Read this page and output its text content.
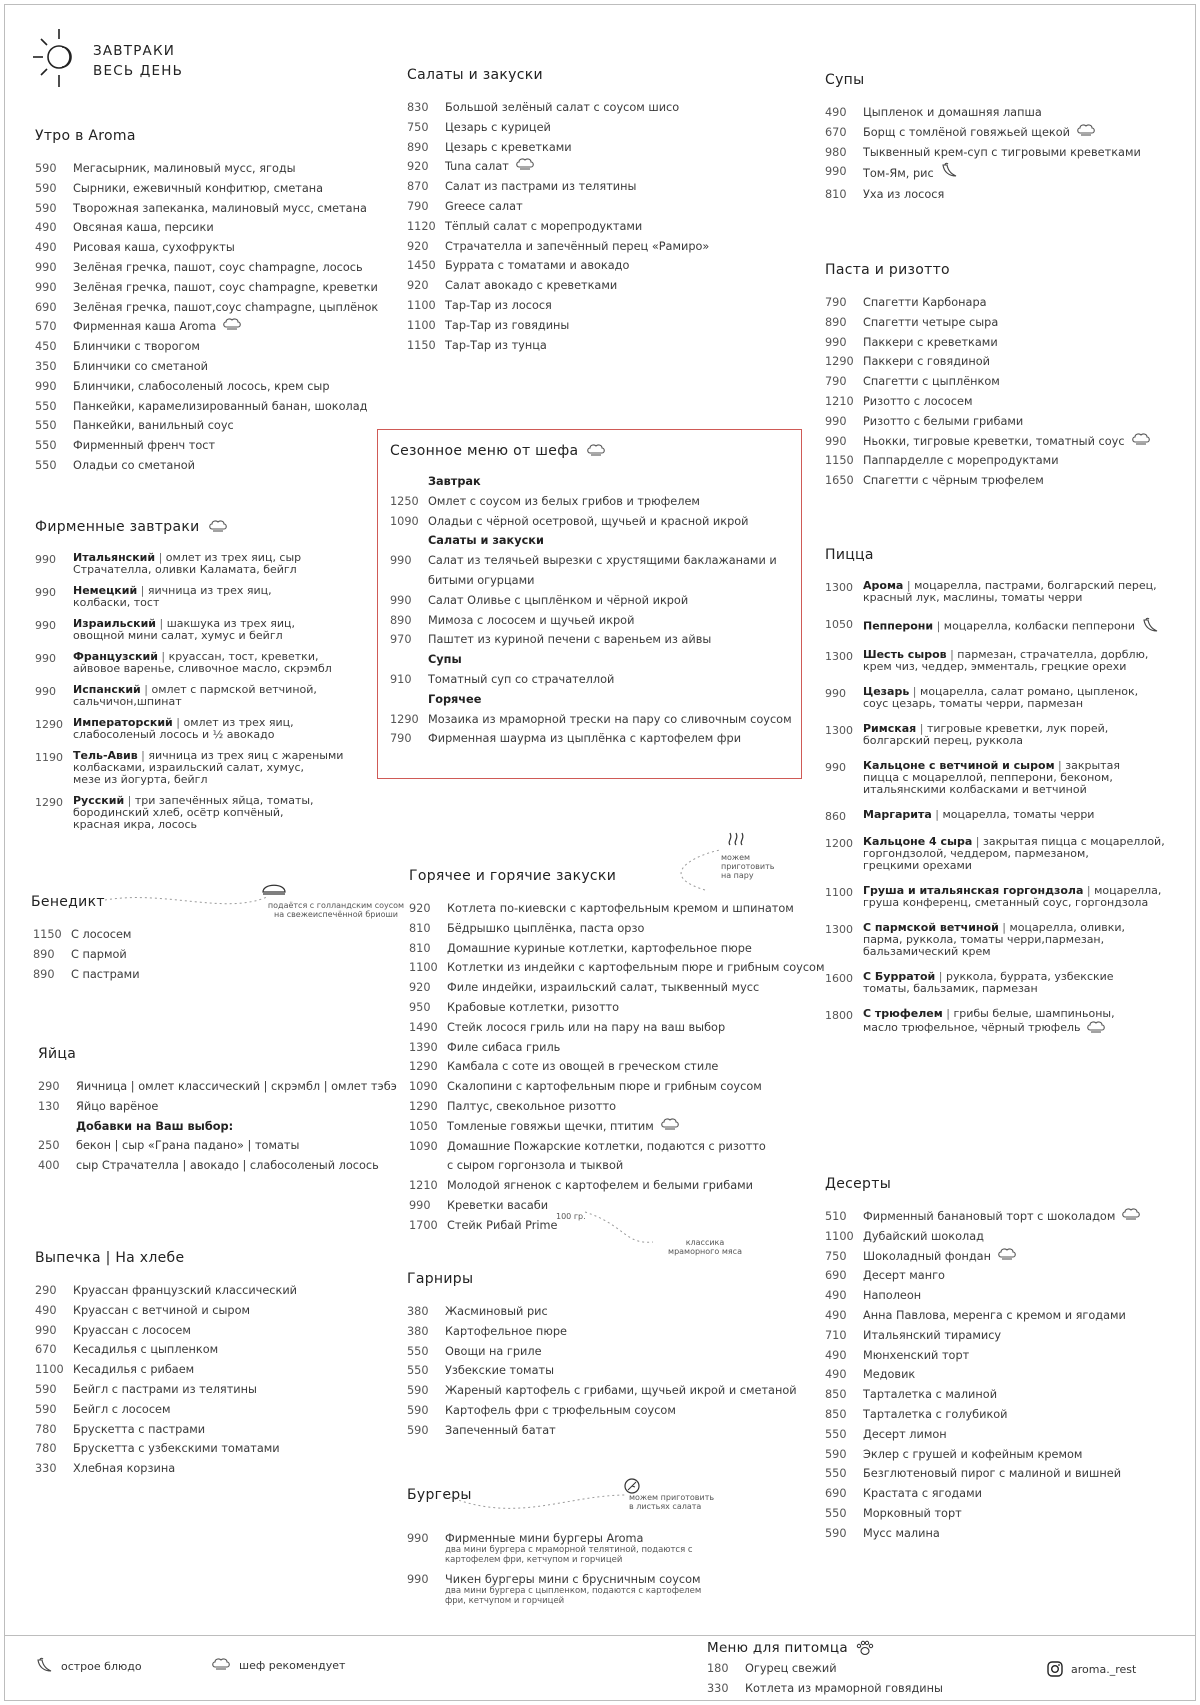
ЗАВТРАКИ
ВЕСЬ ДЕНЬ
Утро в Aroma
590	Мегасырник, малиновый мусс, ягоды
590	Сырники, ежевичный конфитюр, сметана
590	Творожная запеканка, малиновый мусс, сметана
490	Овсяная каша, персики
490	Рисовая каша, сухофрукты
990	Зелёная гречка, пашот, соус champagne, лосось
990	Зелёная гречка, пашот, соус champagne, креветки
690	Зелёная гречка, пашот,соус champagne, цыплёнок
570	Фирменная каша Aroma
450	Блинчики с творогом
350	Блинчики со сметаной
990	Блинчики, слабосоленый лосось, крем сыр
550	Панкейки, карамелизированный банан, шоколад
550	Панкейки, ванильный соус
550	Фирменный френч тост
550	Оладьи со сметаной
Фирменные завтраки
990	Итальянский | омлет из трех яиц, сыр
Страчателла, оливки Каламата, бейгл
990	Немецкий | яичница из трех яиц,
колбаски, тост
990	Израильский | шакшука из трех яиц,
овощной мини салат, хумус и бейгл
990	Французский | круассан, тост, креветки,
айвовое варенье, сливочное масло, скрэмбл
990	Испанский | омлет с пармской ветчиной,
сальчичон,шпинат
1290 Императорский | омлет из трех яиц,
слабосоленый лосось и ½ авокадо
1190 Тель-Авив | яичница из трех яиц с жареными
колбасками, израильский салат, хумус,
мезе из йогурта, бейгл
1290 Русский | три запечённых яйца, томаты,
бородинский хлеб, осётр копчёный,
красная икра, лосось
Бенедикт
1150 С лососем
890	С пармой
890	С пастрами
подаётся с голландским соусом
на свежеиспечённой бриоши
Яйца
290	Яичница | омлет классический | скрэмбл | омлет тэбэ
130	Яйцо варёное
Добавки на Ваш выбор:
250	бекон | сыр «Грана падано» | томаты
400	сыр Страчателла | авокадо | слабосоленый лосось
Выпечка | На хлебе
290	Круассан французский классический
490	Круассан с ветчиной и сыром
990	Круассан с лососем
670	Кесадилья с цыпленком
1100 Кесадилья с рибаем
590	Бейгл с пастрами из телятины
590	Бейгл с лососем
780	Брускетта с пастрами
780	Брускетта с узбекскими томатами
330	Хлебная корзина
Салаты и закуски
830	Большой зелёный салат с соусом шисо
750	Цезарь с курицей
890	Цезарь с креветками
920	Tuna салат
870	Салат из пастрами из телятины
790	Greece салат
1120 Тёплый салат с морепродуктами
920	Страчателла и запечённый перец «Рамиро»
1450 Буррата с томатами и авокадо
920	Салат авокадо с креветками
1100 Тар-Тар из лосося
1100 Тар-Тар из говядины
1150 Тар-Тар из тунца
Сезонное меню от шефа
Завтрак
1250 Омлет с соусом из белых грибов и трюфелем
1090 Оладьи с чёрной осетровой, щучьей и красной икрой
Салаты и закуски
990	Салат из телячьей вырезки с хрустящими баклажанами и
битыми огурцами
990	Салат Оливье с цыплёнком и чёрной икрой
890	Мимоза с лососем и щучьей икрой
970	Паштет из куриной печени с вареньем из айвы
Супы
910	Томатный суп со страчателлой
Горячее
1290 Мозаика из мраморной трески на пару со сливочным соусом
790	Фирменная шаурма из цыплёнка с картофелем фри
Горячее и горячие закуски
920	Котлета по-киевски с картофельным кремом и шпинатом
810	Бёдрышко цыплёнка, паста орзо
810	Домашние куриные котлетки, картофельное пюре
1100 Котлетки из индейки с картофельным пюре и грибным соусом
920	Филе индейки, израильский салат, тыквенный мусс
950	Крабовые котлетки, ризотто
1490 Стейк лосося гриль или на пару на ваш выбор
1390 Филе сибаса гриль
1290 Камбала с соте из овощей в греческом стиле
1090 Скалопини с картофельным пюре и грибным соусом
1290 Палтус, свекольное ризотто
1050 Томленые говяжьи щечки, птитим
1090 Домашние Пожарские котлетки, подаются с ризотто
с сыром горгонзола и тыквой
1210 Молодой ягненок с картофелем и белыми грибами
990	Креветки васаби
1700 Стейк Рибай Prime
можем
приготовить
на пару
100 гр.
классика
мраморного мяса
Гарниры
380	Жасминовый рис
380	Картофельное пюре
550	Овощи на гриле
550	Узбекские томаты
590	Жареный картофель с грибами, щучьей икрой и сметаной
590	Картофель фри с трюфельным соусом
590	Запеченный батат
Бургеры
990	Фирменные мини бургеры Aroma
два мини бургера с мраморной телятиной, подаются с
картофелем фри, кетчупом и горчицей
990	Чикен бургеры мини с брусничным соусом
два мини бургера с цыпленком, подаются с картофелем
фри, кетчупом и горчицей
можем приготовить
в листьях салата
Супы
490	Цыпленок и домашняя лапша
670	Борщ с томлёной говяжьей щекой
980	Тыквенный крем-суп с тигровыми креветками
990	Том-Ям, рис
810	Уха из лосося
Паста и ризотто
790	Спагетти Карбонара
890	Спагетти четыре сыра
990	Паккери с креветками
1290 Паккери с говядиной
790	Спагетти с цыплёнком
1210 Ризотто с лососем
990	Ризотто с белыми грибами
990	Ньокки, тигровые креветки, томатный соус
1150 Паппарделле с морепродуктами
1650 Спагетти с чёрным трюфелем
Пицца
1300 Арома | моцарелла, пастрами, болгарский перец,
красный лук, маслины, томаты черри
1050 Пепперони | моцарелла, колбаски пепперони
1300 Шесть сыров | пармезан, страчателла, дорблю,
крем чиз, чеддер, эмменталь, грецкие орехи
990	Цезарь | моцарелла, салат романо, цыпленок,
соус цезарь, томаты черри, пармезан
1300 Римская | тигровые креветки, лук порей,
болгарский перец, руккола
990	Кальцоне с ветчиной и сыром | закрытая
пицца с моцареллой, пепперони, беконом,
итальянскими колбасками и ветчиной
860	Маргарита | моцарелла, томаты черри
1200 Кальцоне 4 сыра | закрытая пицца с моцареллой,
горгондзолой, чеддером, пармезаном,
грецкими орехами
1100 Груша и итальянская горгондзола | моцарелла,
груша конференц, сметанный соус, горгондзола
1300 С пармской ветчиной | моцарелла, оливки,
парма, руккола, томаты черри,пармезан,
бальзамический крем
1600 С Бурратой | руккола, буррата, узбекские
томаты, бальзамик, пармезан
1800 С трюфелем | грибы белые, шампиньоны,
масло трюфельное, чёрный трюфель
Десерты
510	Фирменный банановый торт с шоколадом
1100 Дубайский шоколад
750	Шоколадный фондан
690	Десерт манго
490	Наполеон
490	Анна Павлова, меренга с кремом и ягодами
710	Итальянский тирамису
490	Мюнхенский торт
490	Медовик
850	Тарталетка с малиной
850	Тарталетка с голубикой
550	Десерт лимон
590	Эклер с грушей и кофейным кремом
550	Безглютеновый пирог с малиной и вишней
690	Крастата с ягодами
550	Морковный торт
590	Мусс малина
острое блюдо	шеф рекомендует
Меню для питомца
180	Огурец свежий
330	Котлета из мраморной говядины
aroma._rest
